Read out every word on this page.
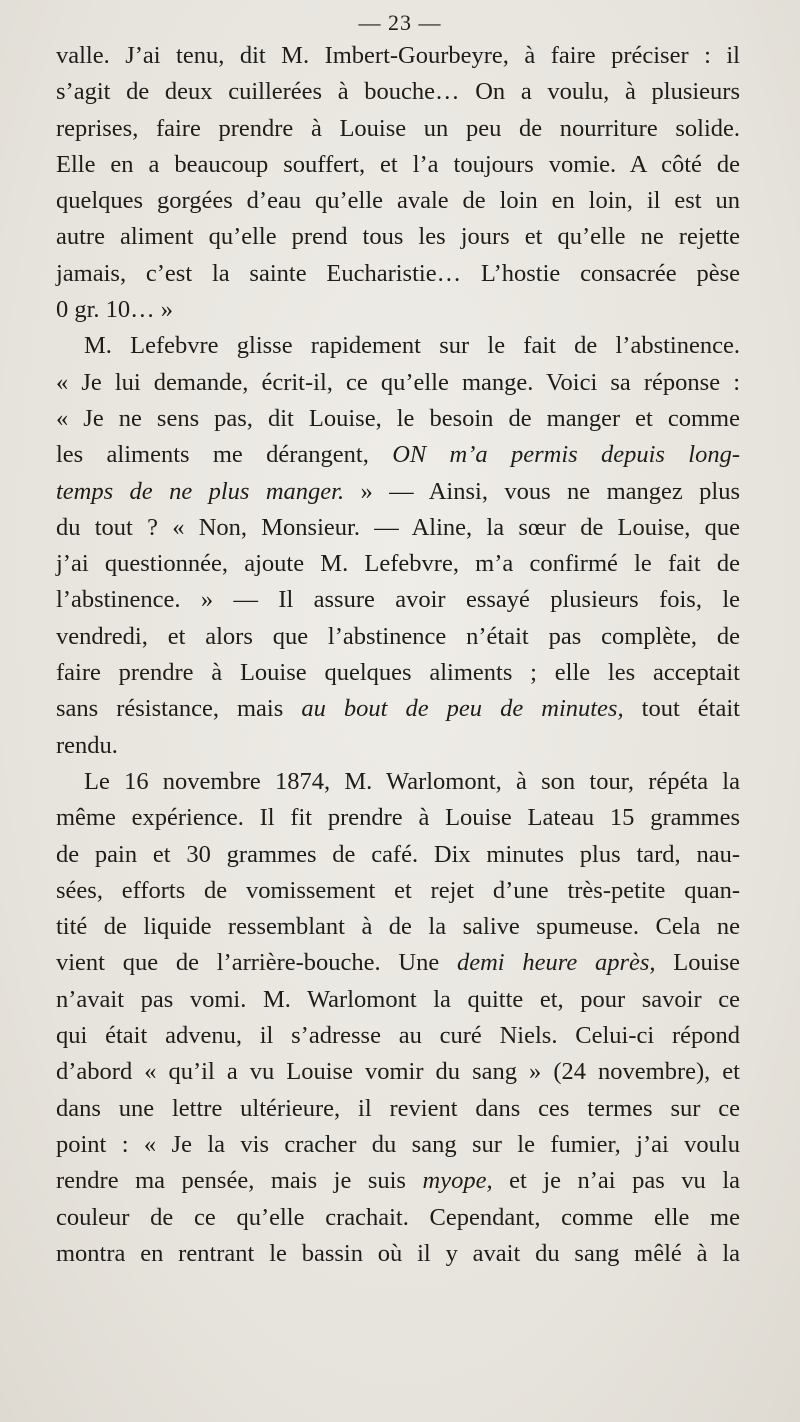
— 23 —
valle. J’ai tenu, dit M. Imbert-Gourbeyre, à faire préciser : il
s’agit de deux cuillerées à bouche… On a voulu, à plusieurs
reprises, faire prendre à Louise un peu de nourriture solide.
Elle en a beaucoup souffert, et l’a toujours vomie. A côté de
quelques gorgées d’eau qu’elle avale de loin en loin, il est un
autre aliment qu’elle prend tous les jours et qu’elle ne rejette
jamais, c’est la sainte Eucharistie… L’hostie consacrée pèse
0 gr. 10… »
M. Lefebvre glisse rapidement sur le fait de l’abstinence.
« Je lui demande, écrit-il, ce qu’elle mange. Voici sa réponse :
« Je ne sens pas, dit Louise, le besoin de manger et comme
les aliments me dérangent, ON m’a permis depuis long-
temps de ne plus manger. » — Ainsi, vous ne mangez plus
du tout ? « Non, Monsieur. — Aline, la sœur de Louise, que
j’ai questionnée, ajoute M. Lefebvre, m’a confirmé le fait de
l’abstinence. » — Il assure avoir essayé plusieurs fois, le
vendredi, et alors que l’abstinence n’était pas complète, de
faire prendre à Louise quelques aliments ; elle les acceptait
sans résistance, mais au bout de peu de minutes, tout était
rendu.
Le 16 novembre 1874, M. Warlomont, à son tour, répéta la
même expérience. Il fit prendre à Louise Lateau 15 grammes
de pain et 30 grammes de café. Dix minutes plus tard, nau-
sées, efforts de vomissement et rejet d’une très-petite quan-
tité de liquide ressemblant à de la salive spumeuse. Cela ne
vient que de l’arrière-bouche. Une demi heure après, Louise
n’avait pas vomi. M. Warlomont la quitte et, pour savoir ce
qui était advenu, il s’adresse au curé Niels. Celui-ci répond
d’abord « qu’il a vu Louise vomir du sang » (24 novembre), et
dans une lettre ultérieure, il revient dans ces termes sur ce
point : « Je la vis cracher du sang sur le fumier, j’ai voulu
rendre ma pensée, mais je suis myope, et je n’ai pas vu la
couleur de ce qu’elle crachait. Cependant, comme elle me
montra en rentrant le bassin où il y avait du sang mêlé à la
